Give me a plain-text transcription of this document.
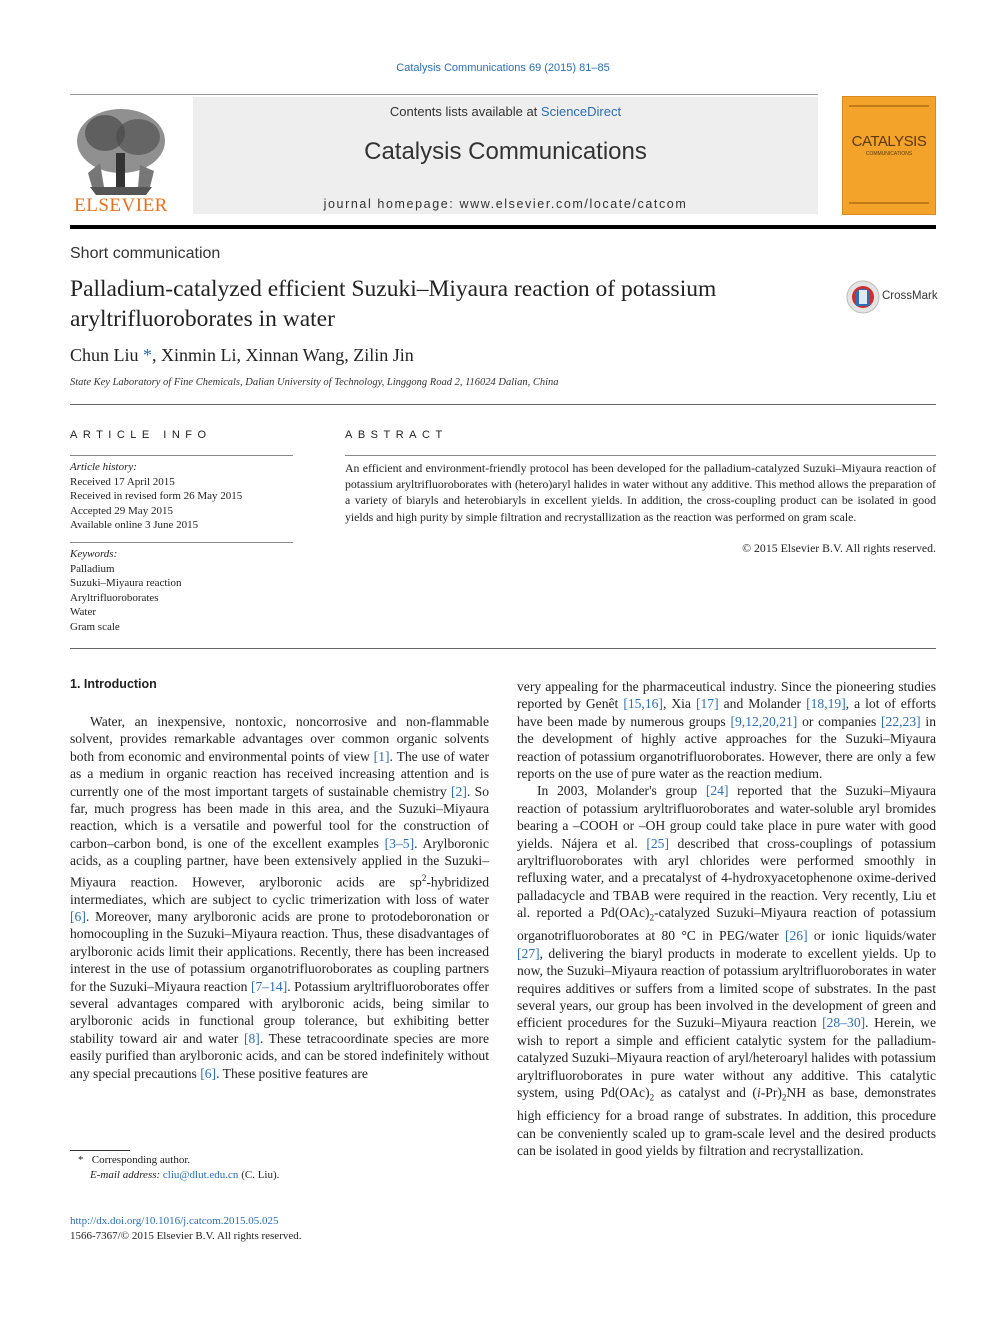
Catalysis Communications 69 (2015) 81–85
ELSEVIER
Contents lists available at ScienceDirect
Catalysis Communications
journal homepage: www.elsevier.com/locate/catcom
CATALYSIS
COMMUNICATIONS
Short communication
Palladium-catalyzed efficient Suzuki–Miyaura reaction of potassium aryltrifluoroborates in water
CrossMark
Chun Liu *, Xinmin Li, Xinnan Wang, Zilin Jin
State Key Laboratory of Fine Chemicals, Dalian University of Technology, Linggong Road 2, 116024 Dalian, China
ARTICLE INFO	ABSTRACT
Article history:
Received 17 April 2015
Received in revised form 26 May 2015
Accepted 29 May 2015
Available online 3 June 2015
Keywords:
Palladium
Suzuki–Miyaura reaction
Aryltrifluoroborates
Water
Gram scale
An efficient and environment-friendly protocol has been developed for the palladium-catalyzed Suzuki–Miyaura reaction of potassium aryltrifluoroborates with (hetero)aryl halides in water without any additive. This method allows the preparation of a variety of biaryls and heterobiaryls in excellent yields. In addition, the cross-coupling product can be isolated in good yields and high purity by simple filtration and recrystallization as the reaction was performed on gram scale.
© 2015 Elsevier B.V. All rights reserved.
1. Introduction

Water, an inexpensive, nontoxic, noncorrosive and non-flammable solvent, provides remarkable advantages over common organic solvents both from economic and environmental points of view [1]. The use of water as a medium in organic reaction has received increasing attention and is currently one of the most important targets of sustainable chemistry [2]. So far, much progress has been made in this area, and the Suzuki–Miyaura reaction, which is a versatile and powerful tool for the construction of carbon–carbon bond, is one of the excellent examples [3–5]. Arylboronic acids, as a coupling partner, have been extensively applied in the Suzuki–Miyaura reaction. However, arylboronic acids are $sp^2$-hybridized intermediates, which are subject to cyclic trimerization with loss of water [6]. Moreover, many arylboronic acids are prone to protodeboronation or homocoupling in the Suzuki–Miyaura reaction. Thus, these disadvantages of arylboronic acids limit their applications. Recently, there has been increased interest in the use of potassium organotrifluoroborates as coupling partners for the Suzuki–Miyaura reaction [7–14]. Potassium aryltrifluoroborates offer several advantages compared with arylboronic acids, being similar to arylboronic acids in functional group tolerance, but exhibiting better stability toward air and water [8]. These tetracoordinate species are more easily purified than arylboronic acids, and can be stored indefinitely without any special precautions [6]. These positive features are

very appealing for the pharmaceutical industry. Since the pioneering studies reported by Genêt [15,16], Xia [17] and Molander [18,19], a lot of efforts have been made by numerous groups [9,12,20,21] or companies [22,23] in the development of highly active approaches for the Suzuki–Miyaura reaction of potassium organotrifluoroborates. However, there are only a few reports on the use of pure water as the reaction medium.

In 2003, Molander's group [24] reported that the Suzuki–Miyaura reaction of potassium aryltrifluoroborates and water-soluble aryl bromides bearing a –COOH or –OH group could take place in pure water with good yields. Nájera et al. [25] described that cross-couplings of potassium aryltrifluoroborates with aryl chlorides were performed smoothly in refluxing water, and a precatalyst of 4-hydroxyacetophenone oxime-derived palladacycle and TBAB were required in the reaction. Very recently, Liu et al. reported a $Pd(OAc)_2$-catalyzed Suzuki–Miyaura reaction of potassium organotrifluoroborates at 80 °C in PEG/water [26] or ionic liquids/water [27], delivering the biaryl products in moderate to excellent yields. Up to now, the Suzuki–Miyaura reaction of potassium aryltrifluoroborates in water requires additives or suffers from a limited scope of substrates. In the past several years, our group has been involved in the development of green and efficient procedures for the Suzuki–Miyaura reaction [28–30]. Herein, we wish to report a simple and efficient catalytic system for the palladium-catalyzed Suzuki–Miyaura reaction of aryl/heteroaryl halides with potassium aryltrifluoroborates in pure water without any additive. This catalytic system, using $Pd(OAc)_2$ as catalyst and $(i-Pr)_2NH$ as base, demonstrates high efficiency for a broad range of substrates. In addition, this procedure can be conveniently scaled up to gram-scale level and the desired products can be isolated in good yields by filtration and recrystallization.

* Corresponding author.
E-mail address: cliu@dlut.edu.cn (C. Liu).
http://dx.doi.org/10.1016/j.catcom.2015.05.025
1566-7367/© 2015 Elsevier B.V. All rights reserved.
